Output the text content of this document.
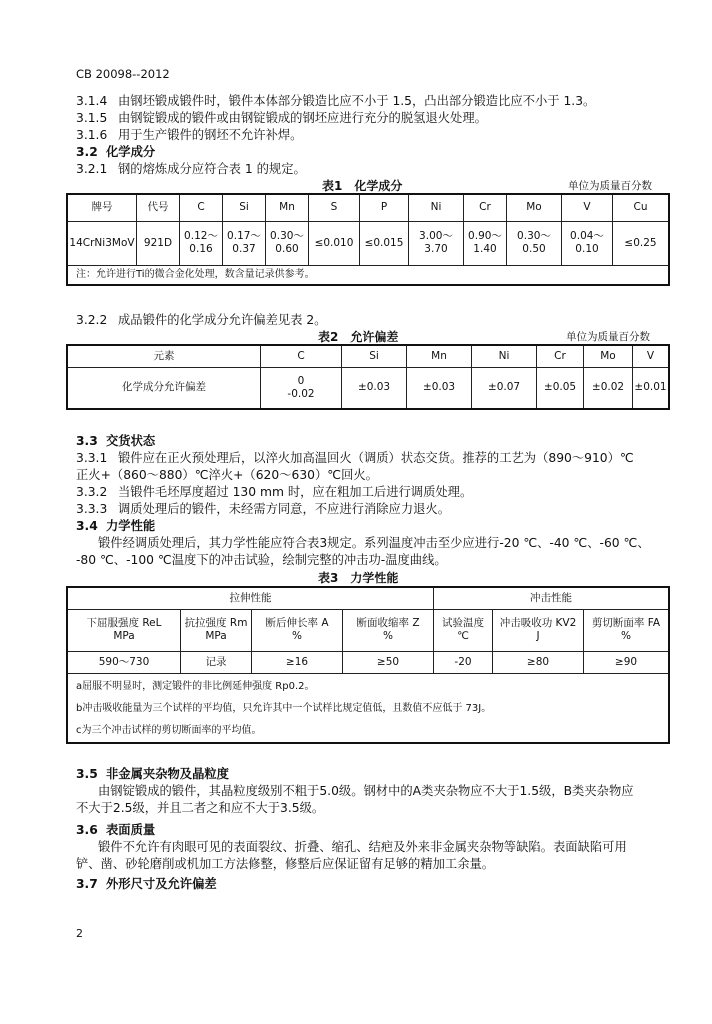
CB 20098--2012
3.1.4 由钢坯锻成锻件时，锻件本体部分锻造比应不小于 1.5，凸出部分锻造比应不小于 1.3。
3.1.5 由钢锭锻成的锻件或由钢锭锻成的钢坯应进行充分的脱氢退火处理。
3.1.6 用于生产锻件的钢坯不允许补焊。
3.2 化学成分
3.2.1 钢的熔炼成分应符合表 1 的规定。
表1　化学成分	单位为质量百分数
牌号	代号	C	Si	Mn	S	P	Ni	Cr	Mo	V	Cu
14CrNi3MoV	921D	0.12～
0.16	0.17～
0.37	0.30～
0.60	≤0.010	≤0.015	3.00～
3.70	0.90～
1.40	0.30～
0.50	0.04～
0.10	≤0.25
注：允许进行Ti的微合金化处理，数含量记录供参考。											
3.2.2 成品锻件的化学成分允许偏差见表 2。
表2　允许偏差	单位为质量百分数
元素	C	Si	Mn	Ni	Cr	Mo	V
化学成分允许偏差	0
-0.02	±0.03	±0.03	±0.07	±0.05	±0.02	±0.01
3.3 交货状态
3.3.1 锻件应在正火预处理后，以淬火加高温回火（调质）状态交货。推荐的工艺为（890～910）℃
正火+（860～880）℃淬火+（620～630）℃回火。
3.3.2 当锻件毛坯厚度超过 130 mm 时，应在粗加工后进行调质处理。
3.3.3 调质处理后的锻件，未经需方同意，不应进行消除应力退火。
3.4 力学性能
锻件经调质处理后，其力学性能应符合表3规定。系列温度冲击至少应进行-20 ℃、-40 ℃、-60 ℃、
-80 ℃、-100 ℃温度下的冲击试验，绘制完整的冲击功-温度曲线。
表3　力学性能
拉伸性能				冲击性能		

下屈服强度 ReL
MPa	抗拉强度 Rm
MPa	断后伸长率 A
%	断面收缩率 Z
%	试验温度
℃	冲击吸收功 KV2
J	剪切断面率 FA
%

590～730	记录	≥16	≥50	-20	≥80	≥90

a屈服不明显时，测定锻件的非比例延伸强度 Rp0.2。
b冲击吸收能量为三个试样的平均值，只允许其中一个试样比规定值低，且数值不应低于 73J。
c为三个冲击试样的剪切断面率的平均值。						
3.5 非金属夹杂物及晶粒度
由钢锭锻成的锻件，其晶粒度级别不粗于5.0级。钢材中的A类夹杂物应不大于1.5级，B类夹杂物应
不大于2.5级，并且二者之和应不大于3.5级。
3.6 表面质量
锻件不允许有肉眼可见的表面裂纹、折叠、缩孔、结疤及外来非金属夹杂物等缺陷。表面缺陷可用
铲、凿、砂轮磨削或机加工方法修整，修整后应保证留有足够的精加工余量。
3.7 外形尺寸及允许偏差
2
